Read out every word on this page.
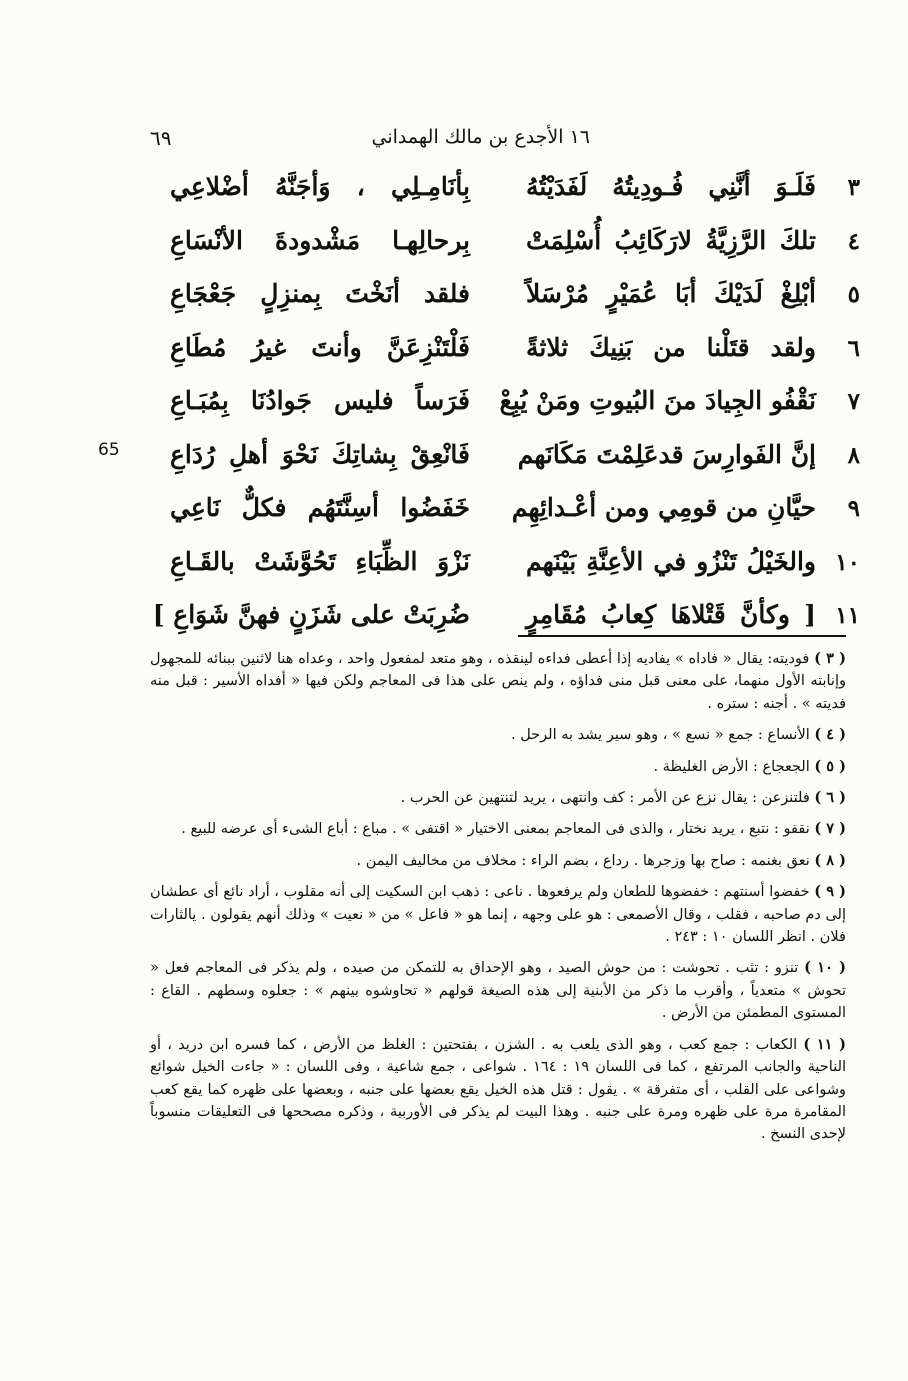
١٦ الأجدع بن مالك الهمداني
٦٩
65
٣
فَلَـوَ أنَّنِي فُـودِيتُهُ لَفَدَيْتُهُ
بِأنَامِـلِي ، وَأجَنَّهُ أضْلاعِي
٤
تلكَ الرَّزِيَّةُ لارَكَائِبُ أُسْلِمَتْ
بِرحالِهـا مَشْدودةَ الأنْسَاعِ
٥
أبْلِغْ لَدَيْكَ أبَا عُمَيْرٍ مُرْسَلاً
فلقد أنَخْتَ بِمنزِلٍ جَعْجَاعِ
٦
ولقد قتَلْنا من بَنِيكَ ثلاثةً
فَلْتَنْزِعَنَّ وأنتَ غيرُ مُطَاعِ
٧
نَقْفُو الجِيادَ منَ البُيوتِ ومَنْ يُبِعْ
فَرَساً فليس جَوادُنَا بِمُبَـاعِ
٨
إنَّ الفَوارِسَ قدعَلِمْتَ مَكَانَهم
فَانْعِقْ بِشاتِكَ نَحْوَ أهلِ رُدَاعِ
٩
حيَّانِ من قومِي ومن أعْـدائِهِم
خَفَضُوا أسِنَّتَهُم فكلٌّ نَاعِي
١٠
والخَيْلُ تَنْزُو في الأعِنَّةِ بَيْنَهم
نَزْوَ الظِّبَاءِ تَحُوَّشَتْ بالقَـاعِ
١١
[ وكأنَّ قَتْلاهَا كِعابُ مُقَامِرٍ
ضُرِبَتْ على شَزَنٍ فهنَّ شَوَاعِ ]

( ٣ ) فوديته: يقال « فاداه » يفاديه إذا أعطى فداءه لينقذه ، وهو متعد لمفعول واحد ، وعداه هنا لاثنين ببنائه للمجهول وإنابته الأول منهما، على معنى قبل منى فداؤه ، ولم ينص على هذا فى المعاجم ولكن فيها « أفداه الأسير : قبل منه فديته » . أجنه : ستره .

( ٤ ) الأنساع : جمع « نسع » ، وهو سير يشد به الرحل .

( ٥ ) الجعجاع : الأرض الغليظة .

( ٦ ) فلتنزعن : يقال نزع عن الأمر : كف وانتهى ، يريد لتنتهين عن الحرب .

( ٧ ) نقفو : نتبع ، يريد نختار ، والذى فى المعاجم بمعنى الاختيار « اقتفى » . مباع : أباع الشىء أى عرضه للبيع .

( ٨ ) نعق بغنمه : صاح بها وزجرها . رداع ، بضم الراء : مخلاف من مخاليف اليمن .

( ٩ ) خفضوا أسنتهم : خفضوها للطعان ولم يرفعوها . ناعى : ذهب ابن السكيت إلى أنه مقلوب ، أراد نائع أى عطشان إلى دم صاحبه ، فقلب ، وقال الأصمعى : هو على وجهه ، إنما هو « فاعل » من « نعيت » وذلك أنهم يقولون . يالثارات فلان . انظر اللسان ١٠ : ٢٤٣ .

( ١٠ ) تنزو : تثب . تحوشت : من حوش الصيد ، وهو الإحداق به للتمكن من صيده ، ولم يذكر فى المعاجم فعل « تحوش » متعدياً ، وأقرب ما ذكر من الأبنية إلى هذه الصيغة قولهم « تحاوشوه بينهم » : جعلوه وسطهم . القاع : المستوى المطمئن من الأرض .

( ١١ ) الكعاب : جمع كعب ، وهو الذى يلعب به . الشزن ، بفتحتين : الغلظ من الأرض ، كما فسره ابن دريد ، أو الناحية والجانب المرتفع ، كما فى اللسان ١٩ : ١٦٤ . شواعى ، جمع شاعية ، وفى اللسان : « جاءت الخيل شوائع وشواعى على القلب ، أى متفرقة » . يقول : قتل هذه الخيل يقع بعضها على جنبه ، وبعضها على ظهره كما يقع كعب المقامرة مرة على ظهره ومرة على جنبه . وهذا البيت لم يذكر فى الأوربية ، وذكره مصححها فى التعليقات منسوباً لإحدى النسخ .
